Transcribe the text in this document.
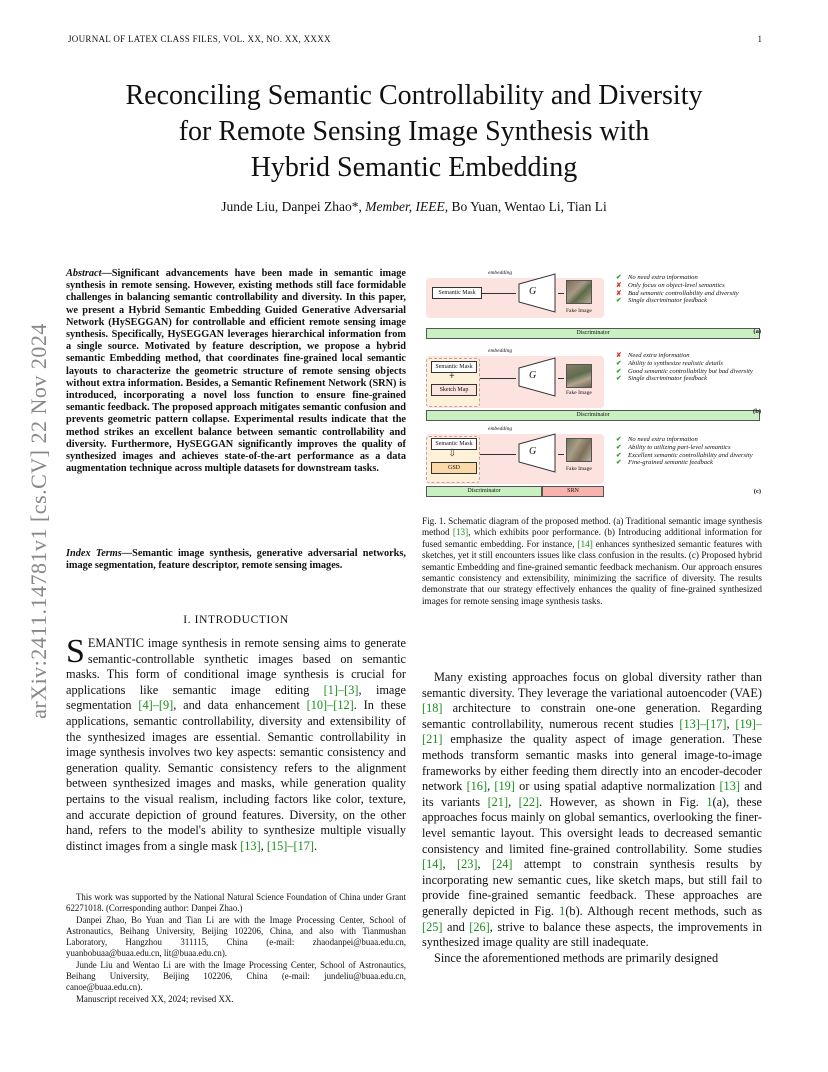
JOURNAL OF LATEX CLASS FILES, VOL. XX, NO. XX, XXXX	1
arXiv:2411.14781v1 [cs.CV] 22 Nov 2024
Reconciling Semantic Controllability and Diversity
for Remote Sensing Image Synthesis with
Hybrid Semantic Embedding
Junde Liu, Danpei Zhao*, Member, IEEE, Bo Yuan, Wentao Li, Tian Li
Abstract—Significant advancements have been made in semantic image synthesis in remote sensing. However, existing methods still face formidable challenges in balancing semantic controllability and diversity. In this paper, we present a Hybrid Semantic Embedding Guided Generative Adversarial Network (HySEGGAN) for controllable and efficient remote sensing image synthesis. Specifically, HySEGGAN leverages hierarchical information from a single source. Motivated by feature description, we propose a hybrid semantic Embedding method, that coordinates fine-grained local semantic layouts to characterize the geometric structure of remote sensing objects without extra information. Besides, a Semantic Refinement Network (SRN) is introduced, incorporating a novel loss function to ensure fine-grained semantic feedback. The proposed approach mitigates semantic confusion and prevents geometric pattern collapse. Experimental results indicate that the method strikes an excellent balance between semantic controllability and diversity. Furthermore, HySEGGAN significantly improves the quality of synthesized images and achieves state-of-the-art performance as a data augmentation technique across multiple datasets for downstream tasks.
Index Terms—Semantic image synthesis, generative adversarial networks, image segmentation, feature descriptor, remote sensing images.
I. INTRODUCTION
SEMANTIC image synthesis in remote sensing aims to generate semantic-controllable synthetic images based on semantic masks. This form of conditional image synthesis is crucial for applications like semantic image editing [1]–[3], image segmentation [4]–[9], and data enhancement [10]–[12]. In these applications, semantic controllability, diversity and extensibility of the synthesized images are essential. Semantic controllability in image synthesis involves two key aspects: semantic consistency and generation quality. Semantic consistency refers to the alignment between synthesized images and masks, while generation quality pertains to the visual realism, including factors like color, texture, and accurate depiction of ground features. Diversity, on the other hand, refers to the model's ability to synthesize multiple visually distinct images from a single mask [13], [15]–[17].

This work was supported by the National Natural Science Foundation of China under Grant 62271018. (Corresponding author: Danpei Zhao.)

Danpei Zhao, Bo Yuan and Tian Li are with the Image Processing Center, School of Astronautics, Beihang University, Beijing 102206, China, and also with Tianmushan Laboratory, Hangzhou 311115, China (e-mail: zhaodanpei@buaa.edu.cn, yuanbobuaa@buaa.edu.cn, lit@buaa.edu.cn).

Junde Liu and Wentao Li are with the Image Processing Center, School of Astronautics, Beihang University, Beijing 102206, China (e-mail: jundeliu@buaa.edu.cn, canoe@buaa.edu.cn).

Manuscript received XX, 2024; revised XX.

embedding
Semantic Mask	G
Fake Image
Discriminator
✔ No need extra information
✘ Only focus on object-level semantics
✘ Bad semantic controllability and diversity
✔ Single discriminator feedback
(a)
embedding
Semantic Mask
+
Sketch Map
G
Fake Image
Discriminator
✘ Need extra information
✔ Ability to synthesize realistic details
✔ Good semantic controllability but bad diversity
✔ Single discriminator feedback
(b)
embedding
Semantic Mask
⇩
GSD
G
Fake Image
Discriminator	SRN
✔ No need extra information
✔ Ability to utilizing part-level semantics
✔ Excellent semantic controllability and diversity
✔ Fine-grained semantic feedback
(c)
Fig. 1. Schematic diagram of the proposed method. (a) Traditional semantic image synthesis method [13], which exhibits poor performance. (b) Introducing additional information for fused semantic embedding. For instance, [14] enhances synthesized semantic features with sketches, yet it still encounters issues like class confusion in the results. (c) Proposed hybrid semantic Embedding and fine-grained semantic feedback mechanism. Our approach ensures semantic consistency and extensibility, minimizing the sacrifice of diversity. The results demonstrate that our strategy effectively enhances the quality of fine-grained synthesized images for remote sensing image synthesis tasks.

Many existing approaches focus on global diversity rather than semantic diversity. They leverage the variational autoencoder (VAE) [18] architecture to constrain one-one generation. Regarding semantic controllability, numerous recent studies [13]–[17], [19]–[21] emphasize the quality aspect of image generation. These methods transform semantic masks into general image-to-image frameworks by either feeding them directly into an encoder-decoder network [16], [19] or using spatial adaptive normalization [13] and its variants [21], [22]. However, as shown in Fig. 1(a), these approaches focus mainly on global semantics, overlooking the finer-level semantic layout. This oversight leads to decreased semantic consistency and limited fine-grained controllability. Some studies [14], [23], [24] attempt to constrain synthesis results by incorporating new semantic cues, like sketch maps, but still fail to provide fine-grained semantic feedback. These approaches are generally depicted in Fig. 1(b). Although recent methods, such as [25] and [26], strive to balance these aspects, the improvements in synthesized image quality are still inadequate.

Since the aforementioned methods are primarily designed
